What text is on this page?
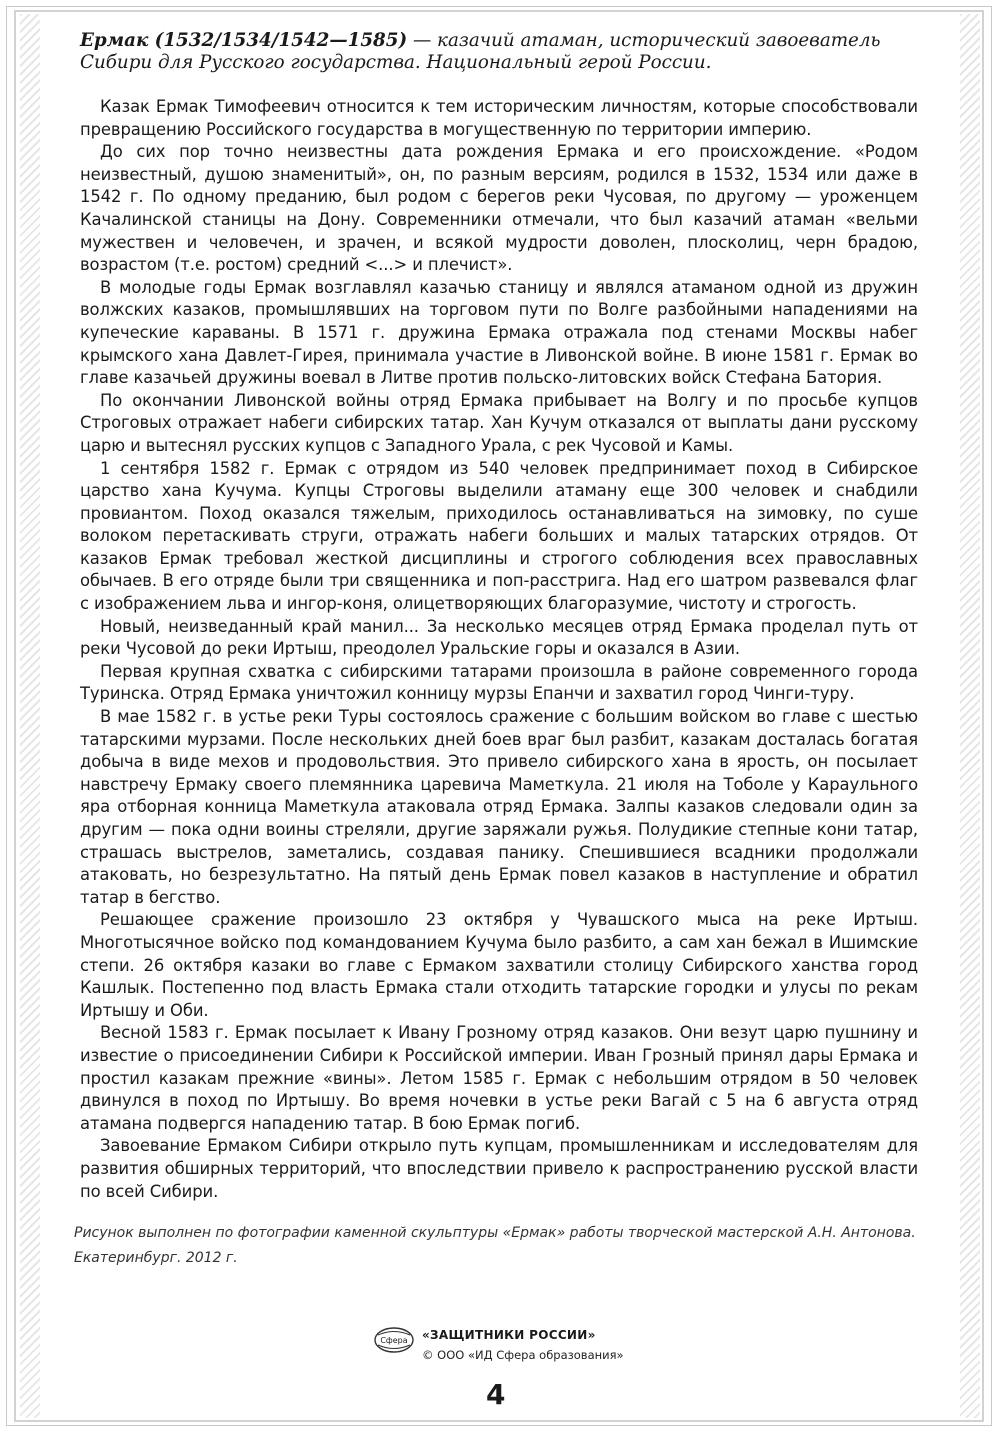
Ермак (1532/1534/1542—1585) — казачий атаман, исторический завоеватель Сибири для Русского государства. Национальный герой России.

Казак Ермак Тимофеевич относится к тем историческим личностям, которые способствовали превращению Российского государства в могущественную по территории империю.

До сих пор точно неизвестны дата рождения Ермака и его происхождение. «Родом неизвестный, душою знаменитый», он, по разным версиям, родился в 1532, 1534 или даже в 1542 г. По одному преданию, был родом с берегов реки Чусовая, по другому — уроженцем Качалинской станицы на Дону. Современники отмечали, что был казачий атаман «вельми мужествен и человечен, и зрачен, и всякой мудрости доволен, плосколиц, черн брадою, возрастом (т.е. ростом) средний <...> и плечист».

В молодые годы Ермак возглавлял казачью станицу и являлся атаманом одной из дружин волжских казаков, промышлявших на торговом пути по Волге разбойными нападениями на купеческие караваны. В 1571 г. дружина Ермака отражала под стенами Москвы набег крымского хана Давлет-Гирея, принимала участие в Ливонской войне. В июне 1581 г. Ермак во главе казачьей дружины воевал в Литве против польско-литовских войск Стефана Батория.

По окончании Ливонской войны отряд Ермака прибывает на Волгу и по просьбе купцов Строговых отражает набеги сибирских татар. Хан Кучум отказался от выплаты дани русскому царю и вытеснял русских купцов с Западного Урала, с рек Чусовой и Камы.

1 сентября 1582 г. Ермак с отрядом из 540 человек предпринимает поход в Сибирское царство хана Кучума. Купцы Строговы выделили атаману еще 300 человек и снабдили провиантом. Поход оказался тяжелым, приходилось останавливаться на зимовку, по суше волоком перетаскивать струги, отражать набеги больших и малых татарских отрядов. От казаков Ермак требовал жесткой дисциплины и строгого соблюдения всех православных обычаев. В его отряде были три священника и поп-расстрига. Над его шатром развевался флаг с изображением льва и ингор-коня, олицетворяющих благоразумие, чистоту и строгость.

Новый, неизведанный край манил... За несколько месяцев отряд Ермака проделал путь от реки Чусовой до реки Иртыш, преодолел Уральские горы и оказался в Азии.

Первая крупная схватка с сибирскими татарами произошла в районе современного города Туринска. Отряд Ермака уничтожил конницу мурзы Епанчи и захватил город Чинги-туру.

В мае 1582 г. в устье реки Туры состоялось сражение с большим войском во главе с шестью татарскими мурзами. После нескольких дней боев враг был разбит, казакам досталась богатая добыча в виде мехов и продовольствия. Это привело сибирского хана в ярость, он посылает навстречу Ермаку своего племянника царевича Маметкула. 21 июля на Тоболе у Караульного яра отборная конница Маметкула атаковала отряд Ермака. Залпы казаков следовали один за другим — пока одни воины стреляли, другие заряжали ружья. Полудикие степные кони татар, страшась выстрелов, заметались, создавая панику. Спешившиеся всадники продолжали атаковать, но безрезультатно. На пятый день Ермак повел казаков в наступление и обратил татар в бегство.

Решающее сражение произошло 23 октября у Чувашского мыса на реке Иртыш. Многотысячное войско под командованием Кучума было разбито, а сам хан бежал в Ишимские степи. 26 октября казаки во главе с Ермаком захватили столицу Сибирского ханства город Кашлык. Постепенно под власть Ермака стали отходить татарские городки и улусы по рекам Иртышу и Оби.

Весной 1583 г. Ермак посылает к Ивану Грозному отряд казаков. Они везут царю пушнину и известие о присоединении Сибири к Российской империи. Иван Грозный принял дары Ермака и простил казакам прежние «вины». Летом 1585 г. Ермак с небольшим отрядом в 50 человек двинулся в поход по Иртышу. Во время ночевки в устье реки Вагай с 5 на 6 августа отряд атамана подвергся нападению татар. В бою Ермак погиб.

Завоевание Ермаком Сибири открыло путь купцам, промышленникам и исследователям для развития обширных территорий, что впоследствии привело к распространению русской власти по всей Сибири.

Рисунок выполнен по фотографии каменной скульптуры «Ермак» работы творческой мастерской А.Н. Антонова. Екатеринбург. 2012 г.

Сфера «ЗАЩИТНИКИ РОССИИ»
© ООО «ИД Сфера образования»
4
